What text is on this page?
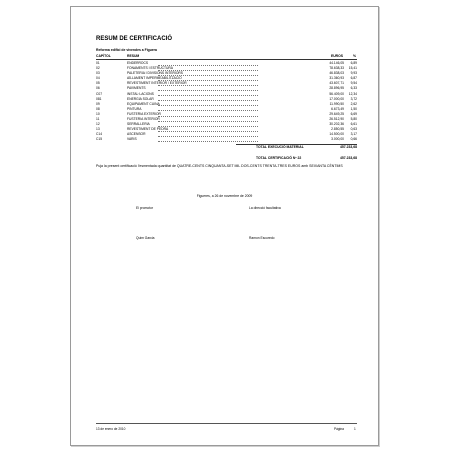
RESUM DE CERTIFICACIÓ
Reforma edifici de vivendes a Figuera
CAPÍTOL	RESUM	EUROS	%
01	ENDERROCS	44.146,05 6,89
02	FONAMENTS I ESTRUCTURA	78.638,33 15,41
03	PALETERIA I DIVISIONS INTERIORS	46.838,03 9,93
04	AÏLLAMENT IMPERMEABILITZACIÓ	31.360,93 6,87
05	REVESTIMENT INTERIOR / EXTERIOR	43.607,71 9,54
06	PAVIMENTS	28.896,95 6,33
C07	INSTAL·LACIONS	56.409,00 12,34
081	ENERGIA SOLAR	17.000,00 3,72
09	EQUIPAMENT CUINA	11.990,50 2,62
08	PINTURA	6.673,49 1,50
10	FUSTERIA EXTERIOR	29.649,25 6,69
11	FUSTERIA INTERIOR	26.512,90 5,80
12	SERRALLERIA	30.202,36 6,61
13	REVESTIMENT DE PEDRA	2.850,55 0,63
C14	ASCENSOR	14.500,00 3,17
C15	VARIS	3.000,00 0,66
TOTAL EXECUCIÓ MATERIAL	457.233,68
TOTAL CERTIFICACIÓ Nº 22	457.233,68
Puja la present certificació l’esmentada quantitat de QUATRE-CENTS CINQUANTA-SET MIL DOS-CENTS TRENTA-TRES EUROS amb SEIXANTA CÈNTIMS
Figueres, a 26 de novembre de 2009
El promotor	La direcció facultativa
Quim Garcia	Ramon Escuredo
13 de enero de 2010	Página	1
